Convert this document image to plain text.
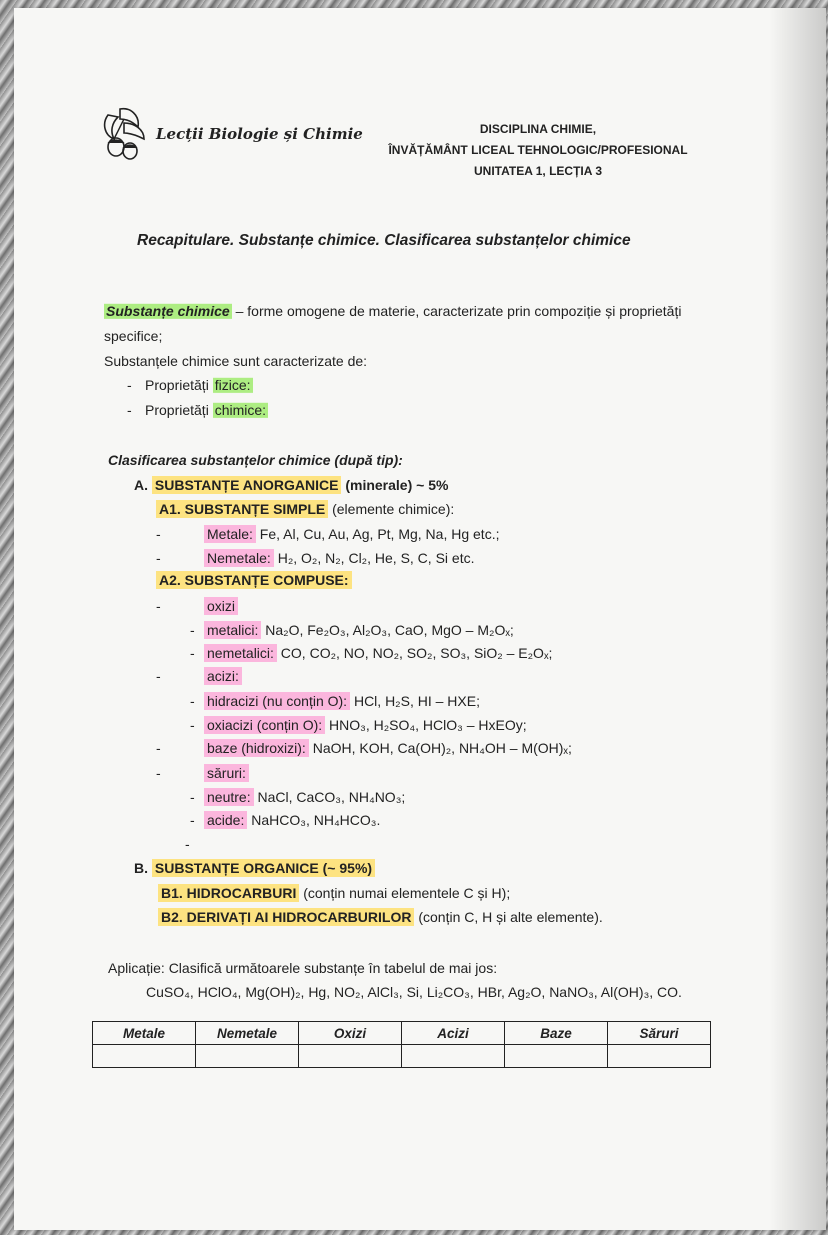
Lecții Biologie și Chimie	DISCIPLINA CHIMIE,
ÎNVĂȚĂMÂNT LICEAL TEHNOLOGIC/PROFESIONAL
UNITATEA 1, LECȚIA 3
Recapitulare. Substanțe chimice. Clasificarea substanțelor chimice
Substanțe chimice – forme omogene de materie, caracterizate prin compoziție și proprietăți
specifice;
Substanțele chimice sunt caracterizate de:
- Proprietăți fizice:
- Proprietăți chimice:
Clasificarea substanțelor chimice (după tip):
A. SUBSTANȚE ANORGANICE (minerale) ~ 5%
A1. SUBSTANȚE SIMPLE (elemente chimice):
-	Metale: Fe, Al, Cu, Au, Ag, Pt, Mg, Na, Hg etc.;
-	Nemetale: H₂, O₂, N₂, Cl₂, He, S, C, Si etc.
A2. SUBSTANȚE COMPUSE:
-	oxizi
- metalici: Na₂O, Fe₂O₃, Al₂O₃, CaO, MgO – M₂Oₓ;
- nemetalici: CO, CO₂, NO, NO₂, SO₂, SO₃, SiO₂ – E₂Oₓ;
-	acizi:
- hidracizi (nu conțin O): HCl, H₂S, HI – HXE;
- oxiacizi (conțin O): HNO₃, H₂SO₄, HClO₃ – HxEOy;
-	baze (hidroxizi): NaOH, KOH, Ca(OH)₂, NH₄OH – M(OH)ₓ;
-	săruri:
- neutre: NaCl, CaCO₃, NH₄NO₃;
- acide: NaHCO₃, NH₄HCO₃.
-
B. SUBSTANȚE ORGANICE (~ 95%)
B1. HIDROCARBURI (conțin numai elementele C și H);
B2. DERIVAȚI AI HIDROCARBURILOR (conțin C, H și alte elemente).
Aplicație: Clasifică următoarele substanțe în tabelul de mai jos:
CuSO₄, HClO₄, Mg(OH)₂, Hg, NO₂, AlCl₃, Si, Li₂CO₃, HBr, Ag₂O, NaNO₃, Al(OH)₃, CO.
Metale	Nemetale	Oxizi	Acizi	Baze	Săruri
